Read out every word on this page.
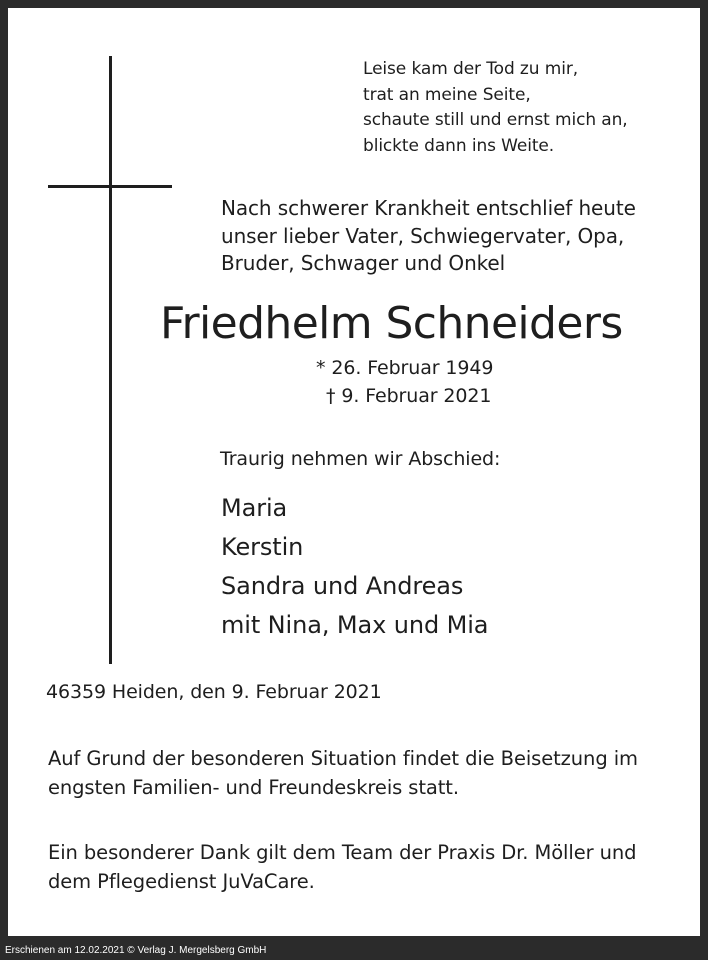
Leise kam der Tod zu mir,
trat an meine Seite,
schaute still und ernst mich an,
blickte dann ins Weite.
Nach schwerer Krankheit entschlief heute
unser lieber Vater, Schwiegervater, Opa,
Bruder, Schwager und Onkel
Friedhelm Schneiders
* 26. Februar 1949
† 9. Februar 2021
Traurig nehmen wir Abschied:
Maria
Kerstin
Sandra und Andreas
mit Nina, Max und Mia
46359 Heiden, den 9. Februar 2021
Auf Grund der besonderen Situation findet die Beisetzung im
engsten Familien- und Freundeskreis statt.
Ein besonderer Dank gilt dem Team der Praxis Dr. Möller und
dem Pflegedienst JuVaCare.
Erschienen am 12.02.2021 © Verlag J. Mergelsberg GmbH
